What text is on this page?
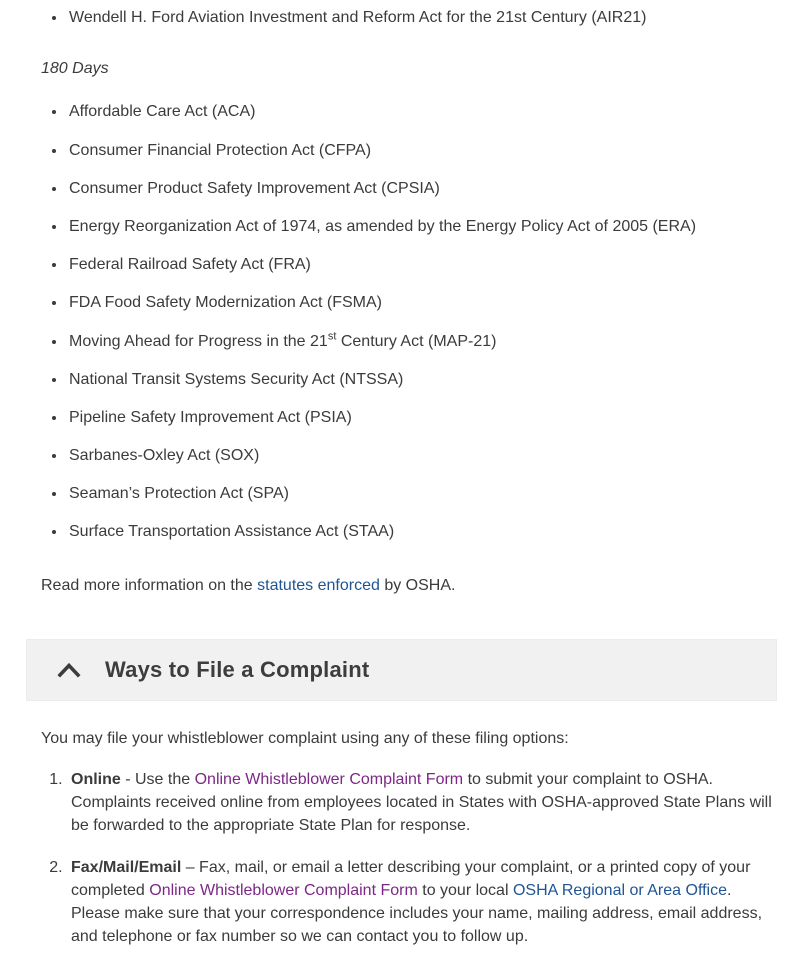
• Wendell H. Ford Aviation Investment and Reform Act for the 21st Century (AIR21)

180 Days

• Affordable Care Act (ACA)
• Consumer Financial Protection Act (CFPA)
• Consumer Product Safety Improvement Act (CPSIA)
• Energy Reorganization Act of 1974, as amended by the Energy Policy Act of 2005 (ERA)
• Federal Railroad Safety Act (FRA)
• FDA Food Safety Modernization Act (FSMA)
• Moving Ahead for Progress in the 21st Century Act (MAP-21)
• National Transit Systems Security Act (NTSSA)
• Pipeline Safety Improvement Act (PSIA)
• Sarbanes-Oxley Act (SOX)
• Seaman’s Protection Act (SPA)
• Surface Transportation Assistance Act (STAA)

Read more information on the statutes enforced by OSHA.

Ways to File a Complaint

You may file your whistleblower complaint using any of these filing options:

1. Online - Use the Online Whistleblower Complaint Form to submit your complaint to OSHA. Complaints received online from employees located in States with OSHA-approved State Plans will be forwarded to the appropriate State Plan for response.
2. Fax/Mail/Email – Fax, mail, or email a letter describing your complaint, or a printed copy of your completed Online Whistleblower Complaint Form to your local OSHA Regional or Area Office. Please make sure that your correspondence includes your name, mailing address, email address, and telephone or fax number so we can contact you to follow up.
